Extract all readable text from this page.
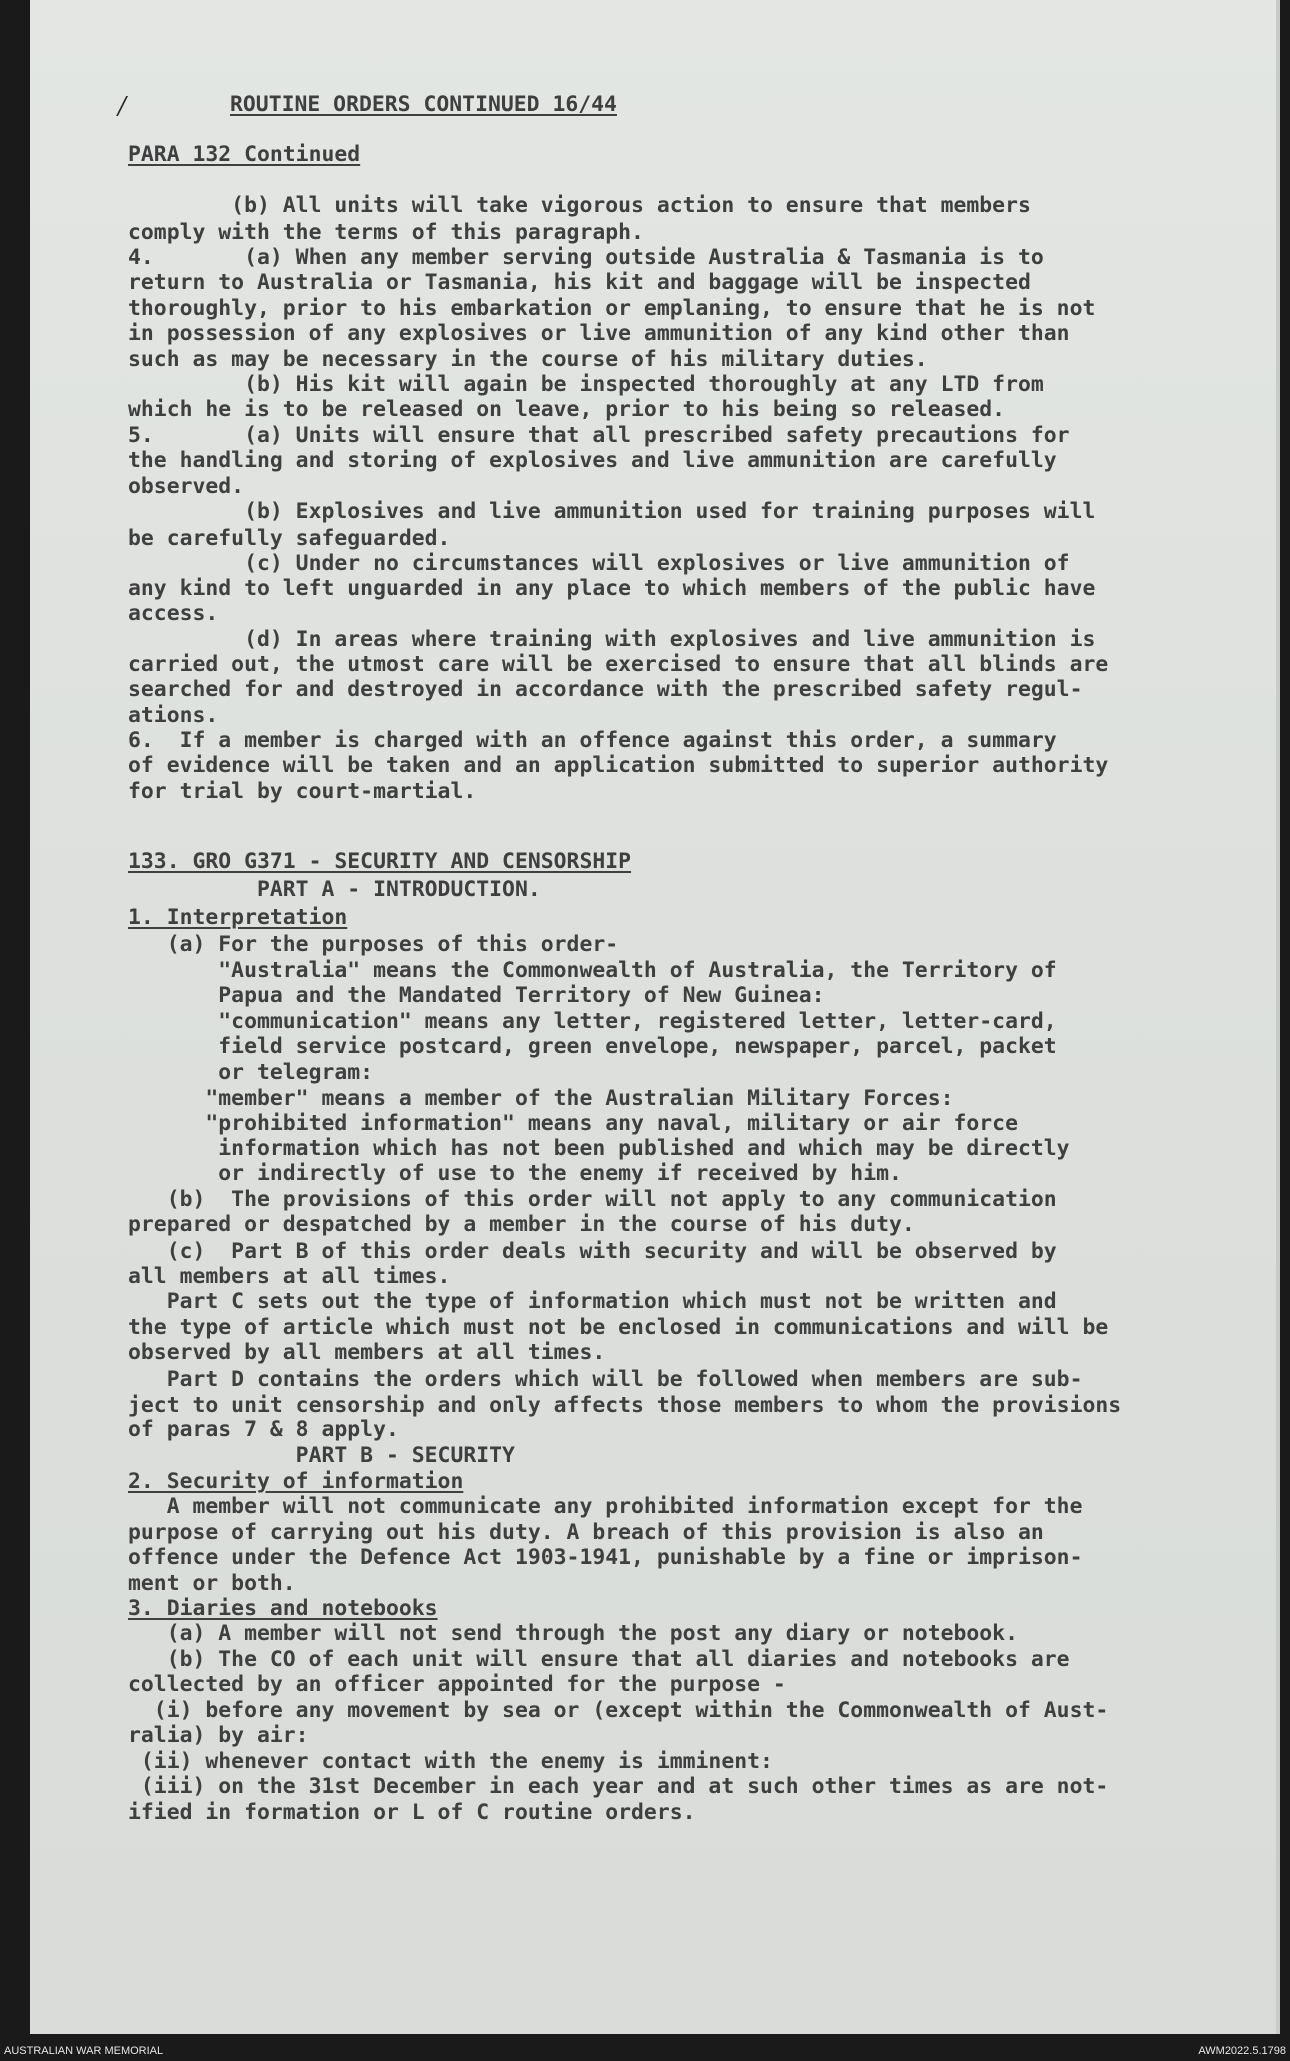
/	ROUTINE ORDERS CONTINUED 16/44

PARA 132 Continued

(b) All units will take vigorous action to ensure that members

comply with the terms of this paragraph.

4.       (a) When any member serving outside Australia & Tasmania is to

return to Australia or Tasmania, his kit and baggage will be inspected

thoroughly, prior to his embarkation or emplaning, to ensure that he is not

in possession of any explosives or live ammunition of any kind other than

such as may be necessary in the course of his military duties.

(b) His kit will again be inspected thoroughly at any LTD from

which he is to be released on leave, prior to his being so released.

5.       (a) Units will ensure that all prescribed safety precautions for

the handling and storing of explosives and live ammunition are carefully

observed.

(b) Explosives and live ammunition used for training purposes will

be carefully safeguarded.

(c) Under no circumstances will explosives or live ammunition of

any kind to left unguarded in any place to which members of the public have

access.

(d) In areas where training with explosives and live ammunition is

carried out, the utmost care will be exercised to ensure that all blinds are

searched for and destroyed in accordance with the prescribed safety regul-

ations.

6.  If a member is charged with an offence against this order, a summary

of evidence will be taken and an application submitted to superior authority

for trial by court-martial.

133. GRO G371 - SECURITY AND CENSORSHIP

PART A - INTRODUCTION.

1. Interpretation

(a) For the purposes of this order-

"Australia" means the Commonwealth of Australia, the Territory of

Papua and the Mandated Territory of New Guinea:

"communication" means any letter, registered letter, letter-card,

field service postcard, green envelope, newspaper, parcel, packet

or telegram:

"member" means a member of the Australian Military Forces:

"prohibited information" means any naval, military or air force

information which has not been published and which may be directly

or indirectly of use to the enemy if received by him.

(b)  The provisions of this order will not apply to any communication

prepared or despatched by a member in the course of his duty.

(c)  Part B of this order deals with security and will be observed by

all members at all times.

Part C sets out the type of information which must not be written and

the type of article which must not be enclosed in communications and will be

observed by all members at all times.

Part D contains the orders which will be followed when members are sub-

ject to unit censorship and only affects those members to whom the provisions

of paras 7 & 8 apply.

PART B - SECURITY

2. Security of information

A member will not communicate any prohibited information except for the

purpose of carrying out his duty. A breach of this provision is also an

offence under the Defence Act 1903-1941, punishable by a fine or imprison-

ment or both.

3. Diaries and notebooks

(a) A member will not send through the post any diary or notebook.

(b) The CO of each unit will ensure that all diaries and notebooks are

collected by an officer appointed for the purpose -

(i) before any movement by sea or (except within the Commonwealth of Aust-

ralia) by air:

(ii) whenever contact with the enemy is imminent:

(iii) on the 31st December in each year and at such other times as are not-

ified in formation or L of C routine orders.

AUSTRALIAN WAR MEMORIAL	AWM2022.5.1798
